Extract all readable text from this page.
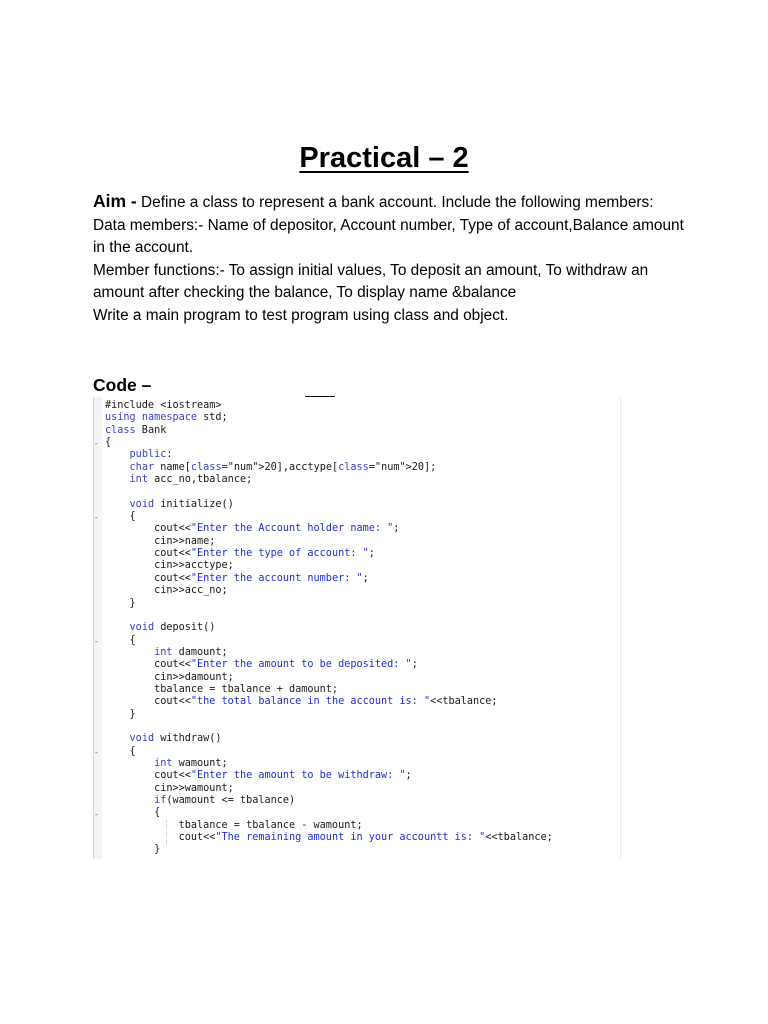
Practical – 2

Aim - Define a class to represent a bank account. Include the following members:

Data members:- Name of depositor, Account number, Type of account,Balance amount in the account.

Member functions:- To assign initial values, To deposit an amount, To withdraw an amount after checking the balance, To display name &balance

Write a main program to test program using class and object.

Code –
#include <iostream>
using namespace std;
class Bank
{
public:
char name[class="num">20],acctype[class="num">20];
int acc_no,tbalance;

void initialize()
{
cout<<"Enter the Account holder name: ";
cin>>name;
cout<<"Enter the type of account: ";
cin>>acctype;
cout<<"Enter the account number: ";
cin>>acc_no;
}

void deposit()
{
int damount;
cout<<"Enter the amount to be deposited: ";
cin>>damount;
tbalance = tbalance + damount;
cout<<"the total balance in the account is: "<<tbalance;
}

void withdraw()
{
int wamount;
cout<<"Enter the amount to be withdraw: ";
cin>>wamount;
if(wamount <= tbalance)
{
tbalance = tbalance - wamount;
cout<<"The remaining amount in your accountt is: "<<tbalance;
}
-
-
-
-
-
